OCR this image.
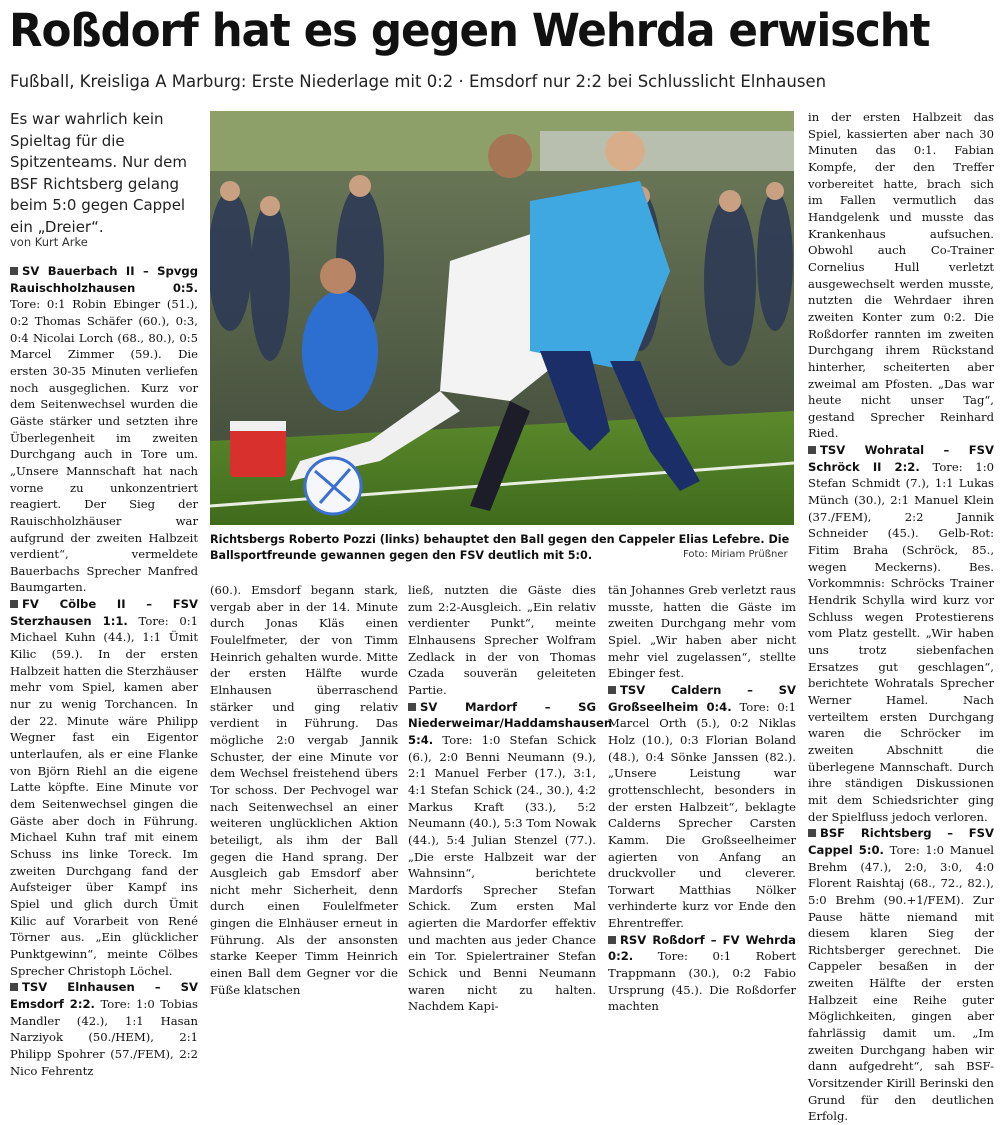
Roßdorf hat es gegen Wehrda erwischt
Fußball, Kreisliga A Marburg: Erste Niederlage mit 0:2 · Emsdorf nur 2:2 bei Schlusslicht Elnhausen
Es war wahrlich kein Spieltag für die Spitzenteams. Nur dem BSF Richtsberg gelang beim 5:0 gegen Cappel ein „Dreier“.
von Kurt Arke

SV Bauerbach II – Spvgg Rauischholzhausen 0:5. Tore: 0:1 Robin Ebinger (51.), 0:2 Thomas Schäfer (60.), 0:3, 0:4 Nicolai Lorch (68., 80.), 0:5 Marcel Zimmer (59.). Die ersten 30-35 Minuten verliefen noch ausgeglichen. Kurz vor dem Seitenwechsel wurden die Gäste stärker und setzten ihre Überlegenheit im zweiten Durchgang auch in Tore um. „Unsere Mannschaft hat nach vorne zu unkonzentriert reagiert. Der Sieg der Rauischholzhäuser war aufgrund der zweiten Halbzeit verdient“, vermeldete Bauerbachs Sprecher Manfred Baumgarten.

FV Cölbe II – FSV Sterzhausen 1:1. Tore: 0:1 Michael Kuhn (44.), 1:1 Ümit Kilic (59.). In der ersten Halbzeit hatten die Sterzhäuser mehr vom Spiel, kamen aber nur zu wenig Torchancen. In der 22. Minute wäre Philipp Wegner fast ein Eigentor unterlaufen, als er eine Flanke von Björn Riehl an die eigene Latte köpfte. Eine Minute vor dem Seitenwechsel gingen die Gäste aber doch in Führung. Michael Kuhn traf mit einem Schuss ins linke Toreck. Im zweiten Durchgang fand der Aufsteiger über Kampf ins Spiel und glich durch Ümit Kilic auf Vorarbeit von René Törner aus. „Ein glücklicher Punktgewinn“, meinte Cölbes Sprecher Christoph Löchel.

TSV Elnhausen – SV Emsdorf 2:2. Tore: 1:0 Tobias Mandler (42.), 1:1 Hasan Narziyok (50./HEM), 2:1 Philipp Spohrer (57./FEM), 2:2 Nico Fehrentz

(60.). Emsdorf begann stark, vergab aber in der 14. Minute durch Jonas Kläs einen Foulelfmeter, der von Timm Heinrich gehalten wurde. Mitte der ersten Hälfte wurde Elnhausen überraschend stärker und ging relativ verdient in Führung. Das mögliche 2:0 vergab Jannik Schuster, der eine Minute vor dem Wechsel freistehend übers Tor schoss. Der Pechvogel war nach Seitenwechsel an einer weiteren unglücklichen Aktion beteiligt, als ihm der Ball gegen die Hand sprang. Der Ausgleich gab Emsdorf aber nicht mehr Sicherheit, denn durch einen Foulelfmeter gingen die Elnhäuser erneut in Führung. Als der ansonsten starke Keeper Timm Heinrich einen Ball dem Gegner vor die Füße klatschen

ließ, nutzten die Gäste dies zum 2:2-Ausgleich. „Ein relativ verdienter Punkt“, meinte Elnhausens Sprecher Wolfram Zedlack in der von Thomas Czada souverän geleiteten Partie.

SV Mardorf – SG Niederweimar/Haddamshausen 5:4. Tore: 1:0 Stefan Schick (6.), 2:0 Benni Neumann (9.), 2:1 Manuel Ferber (17.), 3:1, 4:1 Stefan Schick (24., 30.), 4:2 Markus Kraft (33.), 5:2 Neumann (40.), 5:3 Tom Nowak (44.), 5:4 Julian Stenzel (77.). „Die erste Halbzeit war der Wahnsinn“, berichtete Mardorfs Sprecher Stefan Schick. Zum ersten Mal agierten die Mardorfer effektiv und machten aus jeder Chance ein Tor. Spielertrainer Stefan Schick und Benni Neumann waren nicht zu halten. Nachdem Kapi-

tän Johannes Greb verletzt raus musste, hatten die Gäste im zweiten Durchgang mehr vom Spiel. „Wir haben aber nicht mehr viel zugelassen“, stellte Ebinger fest.

TSV Caldern – SV Großseelheim 0:4. Tore: 0:1 Marcel Orth (5.), 0:2 Niklas Holz (10.), 0:3 Florian Boland (48.), 0:4 Sönke Janssen (82.). „Unsere Leistung war grottenschlecht, besonders in der ersten Halbzeit“, beklagte Calderns Sprecher Carsten Kamm. Die Großseelheimer agierten von Anfang an druckvoller und cleverer. Torwart Matthias Nölker verhinderte kurz vor Ende den Ehrentreffer.

RSV Roßdorf – FV Wehrda 0:2. Tore: 0:1 Robert Trappmann (30.), 0:2 Fabio Ursprung (45.). Die Roßdorfer machten

in der ersten Halbzeit das Spiel, kassierten aber nach 30 Minuten das 0:1. Fabian Kompfe, der den Treffer vorbereitet hatte, brach sich im Fallen vermutlich das Handgelenk und musste das Krankenhaus aufsuchen. Obwohl auch Co-Trainer Cornelius Hull verletzt ausgewechselt werden musste, nutzten die Wehrdaer ihren zweiten Konter zum 0:2. Die Roßdorfer rannten im zweiten Durchgang ihrem Rückstand hinterher, scheiterten aber zweimal am Pfosten. „Das war heute nicht unser Tag“, gestand Sprecher Reinhard Ried.

TSV Wohratal – FSV Schröck II 2:2. Tore: 1:0 Stefan Schmidt (7.), 1:1 Lukas Münch (30.), 2:1 Manuel Klein (37./FEM), 2:2 Jannik Schneider (45.). Gelb-Rot: Fitim Braha (Schröck, 85., wegen Meckerns). Bes. Vorkommnis: Schröcks Trainer Hendrik Schylla wird kurz vor Schluss wegen Protestierens vom Platz gestellt. „Wir haben uns trotz siebenfachen Ersatzes gut geschlagen“, berichtete Wohratals Sprecher Werner Hamel. Nach verteiltem ersten Durchgang waren die Schröcker im zweiten Abschnitt die überlegene Mannschaft. Durch ihre ständigen Diskussionen mit dem Schiedsrichter ging der Spielfluss jedoch verloren.

BSF Richtsberg – FSV Cappel 5:0. Tore: 1:0 Manuel Brehm (47.), 2:0, 3:0, 4:0 Florent Raishtaj (68., 72., 82.), 5:0 Brehm (90.+1/FEM). Zur Pause hätte niemand mit diesem klaren Sieg der Richtsberger gerechnet. Die Cappeler besaßen in der zweiten Hälfte der ersten Halbzeit eine Reihe guter Möglichkeiten, gingen aber fahrlässig damit um. „Im zweiten Durchgang haben wir dann aufgedreht“, sah BSF-Vorsitzender Kirill Berinski den Grund für den deutlichen Erfolg.

Richtsbergs Roberto Pozzi (links) behauptet den Ball gegen den Cappeler Elias Lefebre. Die Ballsportfreunde gewannen gegen den FSV deutlich mit 5:0.	Foto: Miriam Prüßner
